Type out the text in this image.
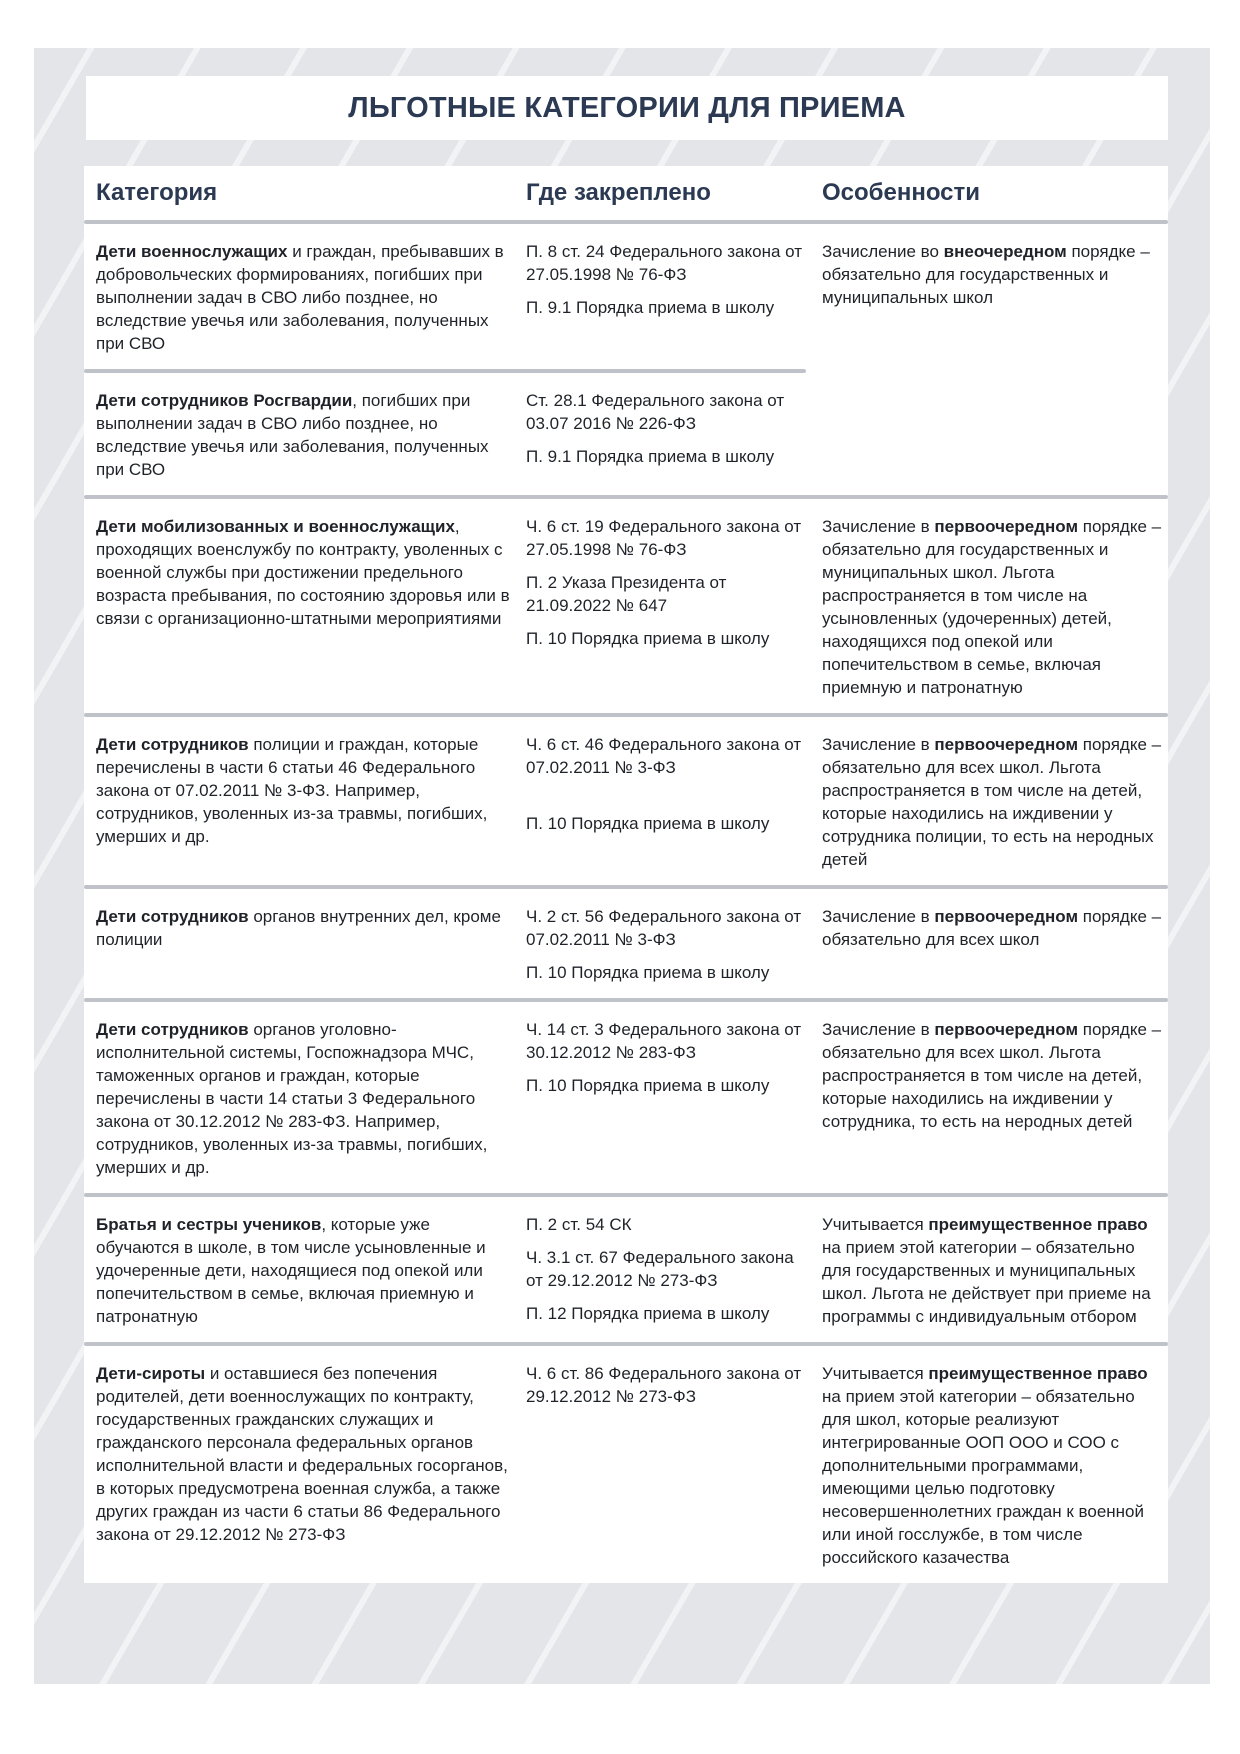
ЛЬГОТНЫЕ КАТЕГОРИИ ДЛЯ ПРИЕМА
Категория	Где закреплено	Особенности
Дети военнослужащих и граждан, пребывавших в добровольческих формированиях, погибших при выполнении задач в СВО либо позднее, но вследствие увечья или заболевания, полученных при СВО

П. 8 ст. 24 Федерального закона от 27.05.1998 № 76-ФЗ

П. 9.1 Порядка приема в школу

Зачисление во внеочередном порядке – обязательно для государственных и муниципальных школ
Дети сотрудников Росгвардии, погибших при выполнении задач в СВО либо позднее, но вследствие увечья или заболевания, полученных при СВО

Ст. 28.1 Федерального закона от 03.07 2016 № 226-ФЗ

П. 9.1 Порядка приема в школу

Дети мобилизованных и военнослужащих, проходящих военслужбу по контракту, уволенных с военной службы при достижении предельного возраста пребывания, по состоянию здоровья или в связи с организационно-штатными мероприятиями

Ч. 6 ст. 19 Федерального закона от 27.05.1998 № 76-ФЗ

П. 2 Указа Президента от 21.09.2022 № 647

П. 10 Порядка приема в школу

Зачисление в первоочередном порядке – обязательно для государственных и муниципальных школ. Льгота распространяется в том числе на усыновленных (удочеренных) детей, находящихся под опекой или попечительством в семье, включая приемную и патронатную
Дети сотрудников полиции и граждан, которые перечислены в части 6 статьи 46 Федерального закона от 07.02.2011 № 3-ФЗ. Например, сотрудников, уволенных из-за травмы, погибших, умерших и др.

Ч. 6 ст. 46 Федерального закона от 07.02.2011 № 3-ФЗ

П. 10 Порядка приема в школу

Зачисление в первоочередном порядке – обязательно для всех школ. Льгота распространяется в том числе на детей, которые находились на иждивении у сотрудника полиции, то есть на неродных детей
Дети сотрудников органов внутренних дел, кроме полиции

Ч. 2 ст. 56 Федерального закона от 07.02.2011 № 3-ФЗ

П. 10 Порядка приема в школу

Зачисление в первоочередном порядке – обязательно для всех школ
Дети сотрудников органов уголовно-исполнительной системы, Госпожнадзора МЧС, таможенных органов и граждан, которые перечислены в части 14 статьи 3 Федерального закона от 30.12.2012 № 283-ФЗ. Например, сотрудников, уволенных из-за травмы, погибших, умерших и др.

Ч. 14 ст. 3 Федерального закона от 30.12.2012 № 283-ФЗ

П. 10 Порядка приема в школу

Зачисление в первоочередном порядке – обязательно для всех школ. Льгота распространяется в том числе на детей, которые находились на иждивении у сотрудника, то есть на неродных детей
Братья и сестры учеников, которые уже обучаются в школе, в том числе усыновленные и удочеренные дети, находящиеся под опекой или попечительством в семье, включая приемную и патронатную

П. 2 ст. 54 СК

Ч. 3.1 ст. 67 Федерального закона от 29.12.2012 № 273-ФЗ

П. 12 Порядка приема в школу

Учитывается преимущественное право на прием этой категории – обязательно для государственных и муниципальных школ. Льгота не действует при приеме на программы с индивидуальным отбором
Дети-сироты и оставшиеся без попечения родителей, дети военнослужащих по контракту, государственных гражданских служащих и гражданского персонала федеральных органов исполнительной власти и федеральных госорганов, в которых предусмотрена военная служба, а также других граждан из части 6 статьи 86 Федерального закона от 29.12.2012 № 273-ФЗ

Ч. 6 ст. 86 Федерального закона от 29.12.2012 № 273-ФЗ

Учитывается преимущественное право на прием этой категории – обязательно для школ, которые реализуют интегрированные ООП ООО и СОО с дополнительными программами, имеющими целью подготовку несовершеннолетних граждан к военной или иной госслужбе, в том числе российского казачества
